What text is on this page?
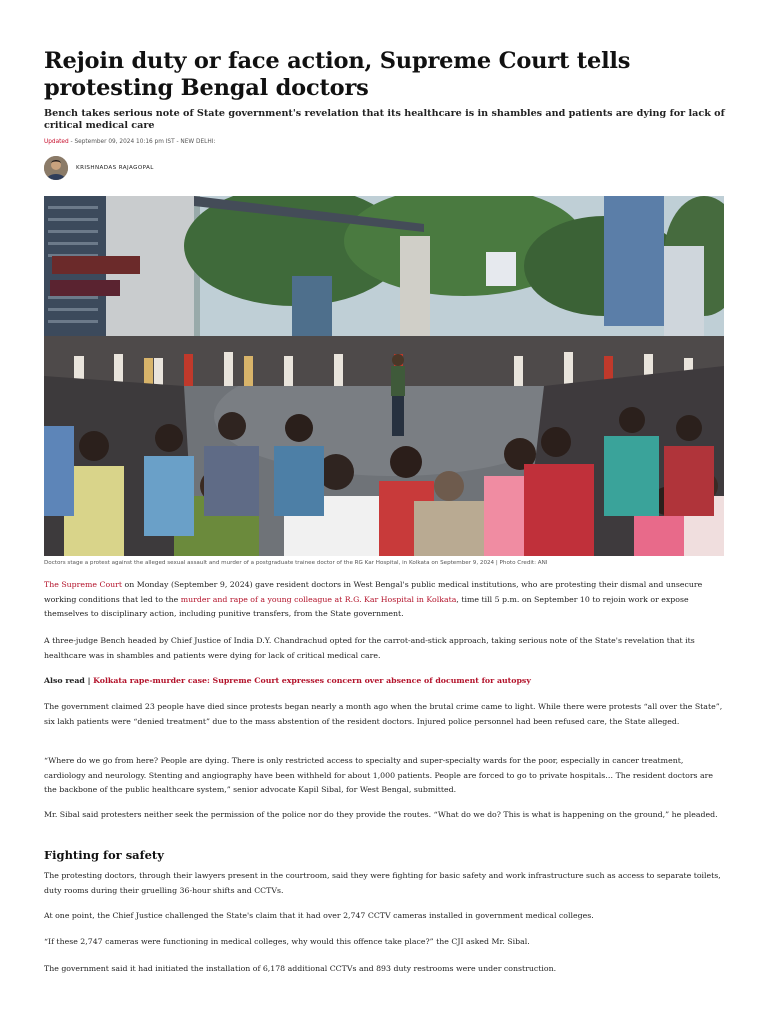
Rejoin duty or face action, Supreme Court tells protesting Bengal doctors

Bench takes serious note of State government's revelation that its healthcare is in shambles and patients are dying for lack of critical medical care

Updated - September 09, 2024 10:16 pm IST - NEW DELHI:
KRISHNADAS RAJAGOPAL
Doctors stage a protest against the alleged sexual assault and murder of a postgraduate trainee doctor of the RG Kar Hospital, in Kolkata on September 9, 2024 | Photo Credit: ANI

The Supreme Court on Monday (September 9, 2024) gave resident doctors in West Bengal's public medical institutions, who are protesting their dismal and unsecure working conditions that led to the murder and rape of a young colleague at R.G. Kar Hospital in Kolkata, time till 5 p.m. on September 10 to rejoin work or expose themselves to disciplinary action, including punitive transfers, from the State government.

A three-judge Bench headed by Chief Justice of India D.Y. Chandrachud opted for the carrot-and-stick approach, taking serious note of the State's revelation that its healthcare was in shambles and patients were dying for lack of critical medical care.

Also read | Kolkata rape-murder case: Supreme Court expresses concern over absence of document for autopsy

The government claimed 23 people have died since protests began nearly a month ago when the brutal crime came to light. While there were protests “all over the State”, six lakh patients were “denied treatment” due to the mass abstention of the resident doctors. Injured police personnel had been refused care, the State alleged.

“Where do we go from here? People are dying. There is only restricted access to specialty and super-specialty wards for the poor, especially in cancer treatment, cardiology and neurology. Stenting and angiography have been withheld for about 1,000 patients. People are forced to go to private hospitals… The resident doctors are the backbone of the public healthcare system,” senior advocate Kapil Sibal, for West Bengal, submitted.

Mr. Sibal said protesters neither seek the permission of the police nor do they provide the routes. “What do we do? This is what is happening on the ground,” he pleaded.

Fighting for safety

The protesting doctors, through their lawyers present in the courtroom, said they were fighting for basic safety and work infrastructure such as access to separate toilets, duty rooms during their gruelling 36-hour shifts and CCTVs.

At one point, the Chief Justice challenged the State's claim that it had over 2,747 CCTV cameras installed in government medical colleges.

“If these 2,747 cameras were functioning in medical colleges, why would this offence take place?” the CJI asked Mr. Sibal.

The government said it had initiated the installation of 6,178 additional CCTVs and 893 duty restrooms were under construction.
